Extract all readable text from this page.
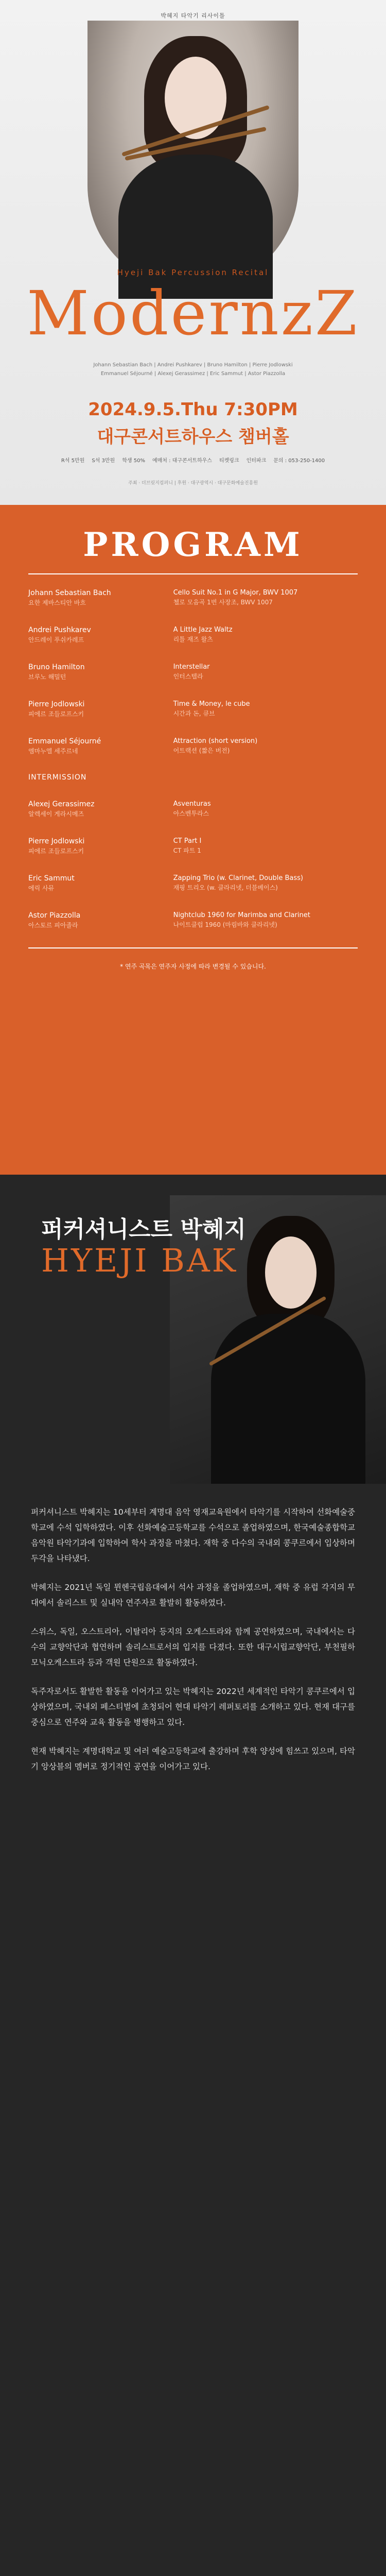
박혜지 타악기 리사이틀
Hyeji Bak Percussion Recital
ModernzZ
Johann Sebastian Bach | Andrei Pushkarev | Bruno Hamilton | Pierre Jodlowski
Emmanuel Séjourné | Alexej Gerassimez | Eric Sammut | Astor Piazzolla
2024.9.5.Thu 7:30PM
대구콘서트하우스 챔버홀
R석 5만원 S석 3만원 학생 50% 예매처 : 대구콘서트하우스 티켓링크 인터파크 문의 : 053-250-1400
주최 · 더브릿지컴퍼니 | 후원 · 대구광역시 · 대구문화예술진흥원
PROGRAM
Johann Sebastian Bach
요한 제바스티안 바흐
Cello Suit No.1 in G Major, BWV 1007
첼로 모음곡 1번 사장조, BWV 1007
Andrei Pushkarev
안드레이 푸쉬카레프
A Little Jazz Waltz
리틀 재즈 왈츠
Bruno Hamilton
브루노 해밀턴
Interstellar
인터스텔라
Pierre Jodlowski
피에르 조들로프스키
Time & Money, le cube
시간과 돈, 큐브
Emmanuel Séjourné
엠마누엘 세주르네
Attraction (short version)
어트랙션 (짧은 버전)
INTERMISSION
Alexej Gerassimez
알렉세이 게라시메즈
Asventuras
아스벤투라스
Pierre Jodlowski
피에르 조들로프스키
CT Part I
CT 파트 1
Eric Sammut
에릭 사뮤
Zapping Trio (w. Clarinet, Double Bass)
재핑 트리오 (w. 클라리넷, 더블베이스)
Astor Piazzolla
아스토르 피아졸라
Nightclub 1960 for Marimba and Clarinet
나이트클럽 1960 (마림바와 클라리넷)
* 연주 곡목은 연주자 사정에 따라 변경될 수 있습니다.
퍼커셔니스트 박혜지
HYEJI BAK

퍼커셔니스트 박혜지는 10세부터 계명대 음악 영재교육원에서 타악기를 시작하여 선화예술중학교에 수석 입학하였다. 이후 선화예술고등학교를 수석으로 졸업하였으며, 한국예술종합학교 음악원 타악기과에 입학하여 학사 과정을 마쳤다. 재학 중 다수의 국내외 콩쿠르에서 입상하며 두각을 나타냈다.

박혜지는 2021년 독일 뮌헨국립음대에서 석사 과정을 졸업하였으며, 재학 중 유럽 각지의 무대에서 솔리스트 및 실내악 연주자로 활발히 활동하였다.

스위스, 독일, 오스트리아, 이탈리아 등지의 오케스트라와 함께 공연하였으며, 국내에서는 다수의 교향악단과 협연하며 솔리스트로서의 입지를 다졌다. 또한 대구시립교향악단, 부천필하모닉오케스트라 등과 객원 단원으로 활동하였다.

독주자로서도 활발한 활동을 이어가고 있는 박혜지는 2022년 세계적인 타악기 콩쿠르에서 입상하였으며, 국내외 페스티벌에 초청되어 현대 타악기 레퍼토리를 소개하고 있다. 현재 대구를 중심으로 연주와 교육 활동을 병행하고 있다.

현재 박혜지는 계명대학교 및 여러 예술고등학교에 출강하며 후학 양성에 힘쓰고 있으며, 타악기 앙상블의 멤버로 정기적인 공연을 이어가고 있다.
